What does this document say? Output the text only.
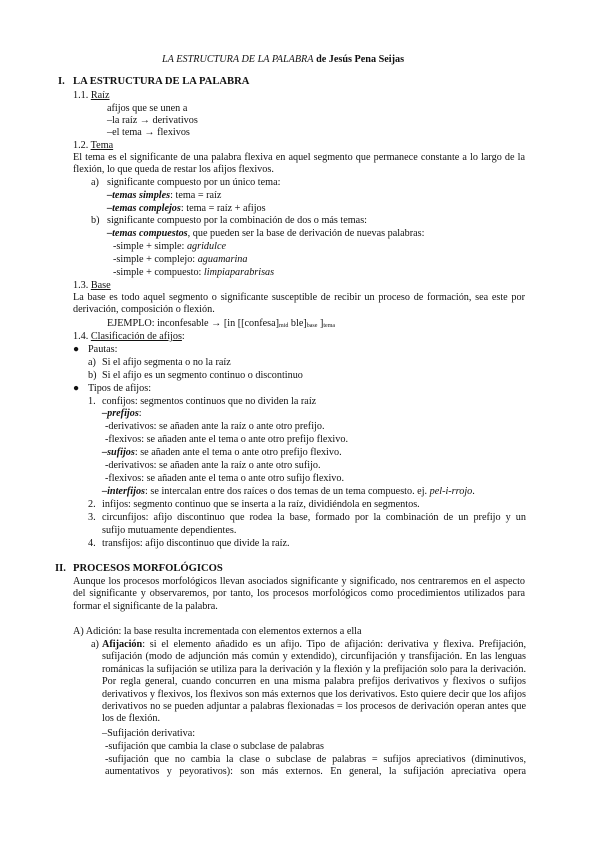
LA ESTRUCTURA DE LA PALABRA de Jesús Pena Seijas
I. LA ESTRUCTURA DE LA PALABRA
1.1. Raíz
afijos que se unen a
–la raíz → derivativos
–el tema → flexivos
1.2. Tema
El tema es el significante de una palabra flexiva en aquel segmento que permanece constante a lo largo de la flexión, lo que queda de restar los afijos flexivos.
a) significante compuesto por un único tema:
–temas simples: tema = raíz
–temas complejos: tema = raíz + afijos
b) significante compuesto por la combinación de dos o más temas:
–temas compuestos, que pueden ser la base de derivación de nuevas palabras:
-simple + simple: agridulce
-simple + complejo: aguamarina
-simple + compuesto: limpiaparabrisas
1.3. Base
La base es todo aquel segmento o significante susceptible de recibir un proceso de formación, sea este por derivación, composición o flexión.
EJEMPLO: inconfesable → [in [[confesa]mid ble]base ]tema
1.4. Clasificación de afijos:
● Pautas:
a) Si el afijo segmenta o no la raíz
b) Si el afijo es un segmento continuo o discontinuo
● Tipos de afijos:
1. confijos: segmentos continuos que no dividen la raíz
–prefijos:
-derivativos: se añaden ante la raíz o ante otro prefijo.
-flexivos: se añaden ante el tema o ante otro prefijo flexivo.
–sufijos: se añaden ante el tema o ante otro prefijo flexivo.
-derivativos: se añaden ante la raíz o ante otro sufijo.
-flexivos: se añaden ante el tema o ante otro sufijo flexivo.
–interfijos: se intercalan entre dos raíces o dos temas de un tema compuesto. ej. pel-i-rrojo.
2. infijos: segmento continuo que se inserta a la raíz, dividiéndola en segmentos.
3. circunfijos: afijo discontinuo que rodea la base, formado por la combinación de un prefijo y un
sufijo mutuamente dependientes.
4. transfijos: afijo discontinuo que divide la raíz.
II. PROCESOS MORFOLÓGICOS
Aunque los procesos morfológicos llevan asociados significante y significado, nos centraremos en el aspecto del significante y observaremos, por tanto, los procesos morfológicos como procedimientos utilizados para formar el significante de la palabra.
A) Adición: la base resulta incrementada con elementos externos a ella
a) Afijación: si el elemento añadido es un afijo. Tipo de afijación: derivativa y flexiva. Prefijación, sufijación (modo de adjunción más común y extendido), circunfijación y transfijación. En las lenguas románicas la sufijación se utiliza para la derivación y la flexión y la prefijación solo para la derivación. Por regla general, cuando concurren en una misma palabra prefijos derivativos y flexivos o sufijos derivativos y flexivos, los flexivos son más externos que los derivativos. Esto quiere decir que los afijos derivativos no se pueden adjuntar a palabras flexionadas = los procesos de derivación operan antes que los de flexión.
–Sufijación derivativa:
-sufijación que cambia la clase o subclase de palabras
-sufijación que no cambia la clase o subclase de palabras = sufijos apreciativos (diminutivos, aumentativos y peyorativos): son más externos. En general, la sufijación apreciativa opera
